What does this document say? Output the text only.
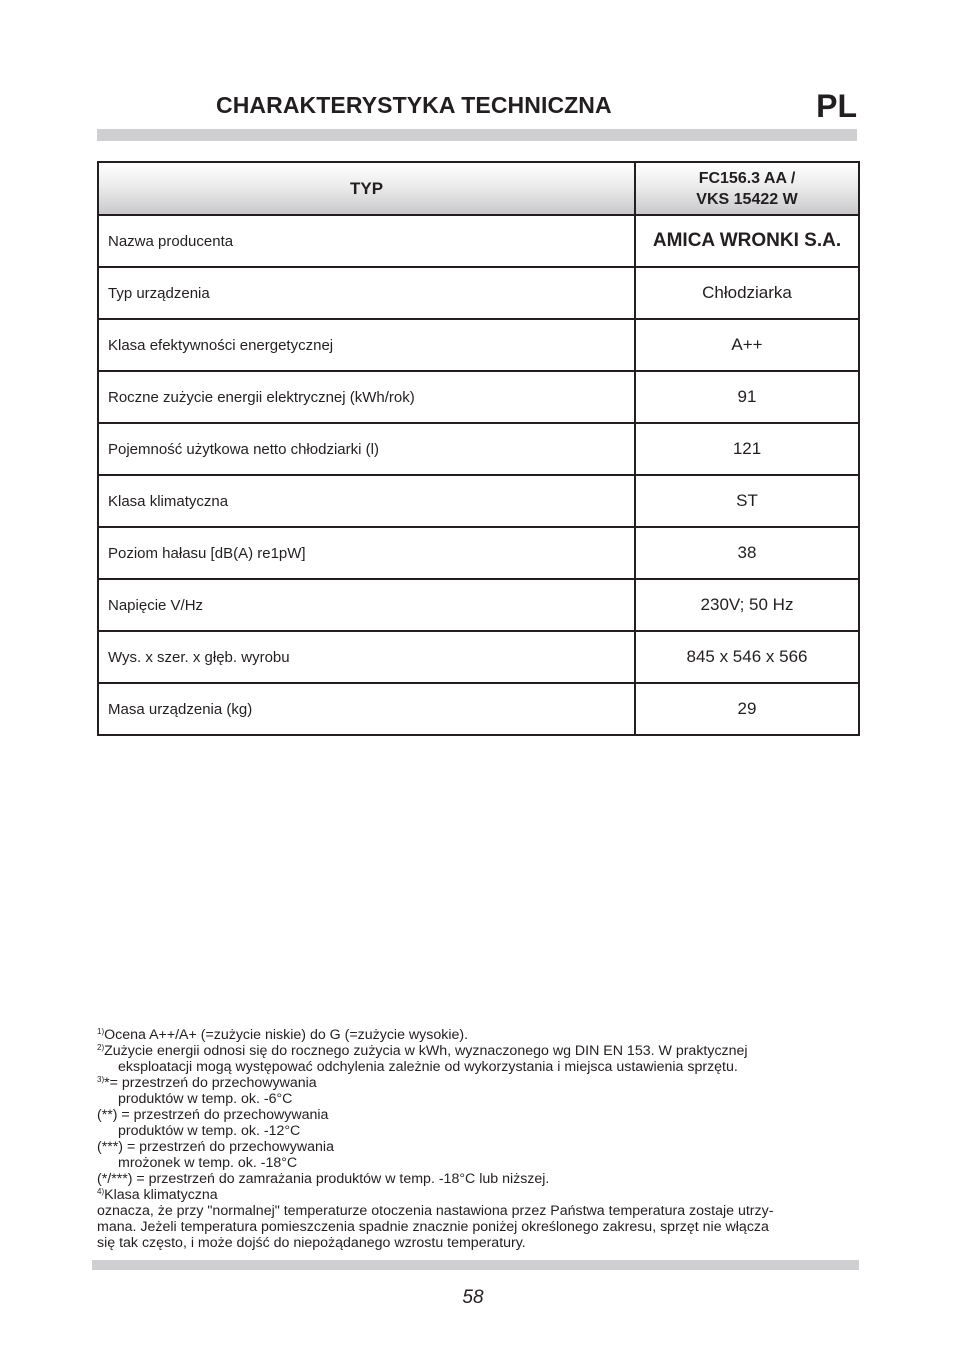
CHARAKTERYSTYKA TECHNICZNA	PL
TYP	FC156.3 AA /
VKS 15422 W

Nazwa producenta	AMICA WRONKI S.A.
Typ urządzenia	Chłodziarka
Klasa efektywności energetycznej	A++
Roczne zużycie energii elektrycznej (kWh/rok)	91
Pojemność użytkowa netto chłodziarki (l)	121
Klasa klimatyczna	ST
Poziom hałasu [dB(A) re1pW]	38
Napięcie V/Hz	230V; 50 Hz
Wys. x szer. x głęb. wyrobu	845 x 546 x 566
Masa urządzenia (kg)	29
$^{1)}$Ocena A++/A+ (=zużycie niskie) do G (=zużycie wysokie).
$^{2)}$Zużycie energii odnosi się do rocznego zużycia w kWh, wyznaczonego wg DIN EN 153. W praktycznej
eksploatacji mogą występować odchylenia zależnie od wykorzystania i miejsca ustawienia sprzętu.
$^{3)}$*= przestrzeń do przechowywania
produktów w temp. ok. -6°C
(**) = przestrzeń do przechowywania
produktów w temp. ok. -12°C
(***) = przestrzeń do przechowywania
mrożonek w temp. ok. -18°C
(*/***) = przestrzeń do zamrażania produktów w temp. -18°C lub niższej.
$^{4)}$Klasa klimatyczna
oznacza, że przy "normalnej" temperaturze otoczenia nastawiona przez Państwa temperatura zostaje utrzy-
mana. Jeżeli temperatura pomieszczenia spadnie znacznie poniżej określonego zakresu, sprzęt nie włącza
się tak często, i może dojść do niepożądanego wzrostu temperatury.
58
